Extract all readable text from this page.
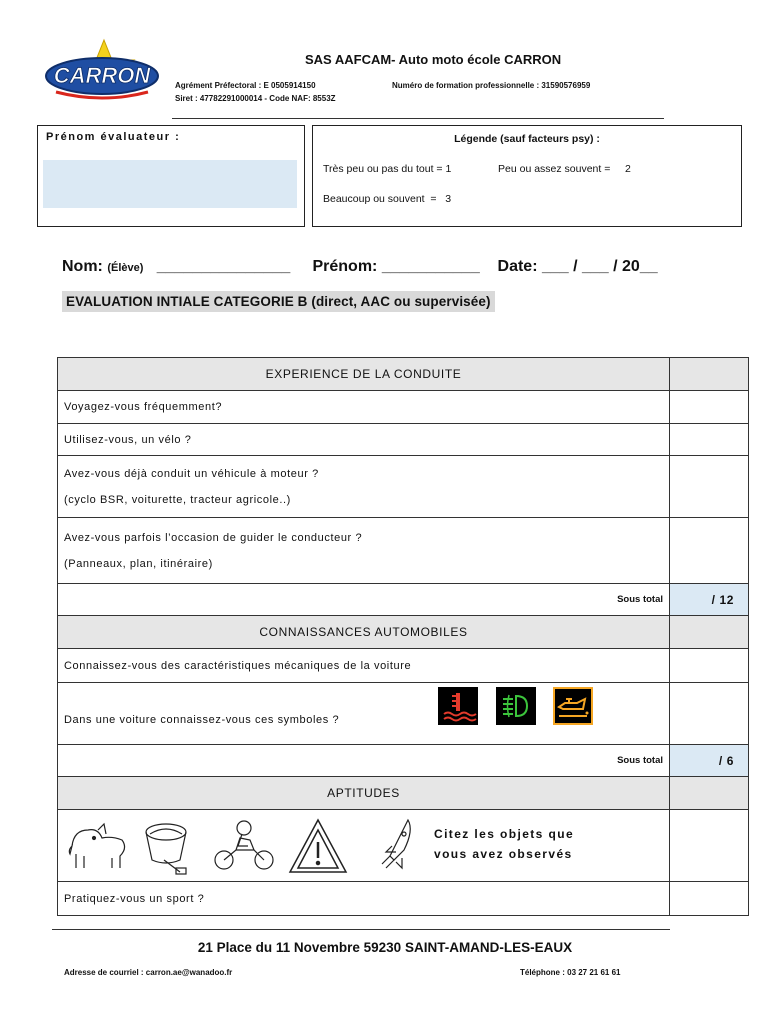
CARRON
SAS AAFCAM- Auto moto école CARRON
Agrément Préfectoral : E 0505914150
Siret : 47782291000014 - Code NAF: 8553Z
Numéro de formation professionnelle : 31590576959
Prénom évaluateur :	Légende (sauf facteurs psy) :
Très peu ou pas du tout = 1	Peu ou assez souvent =     2
Beaucoup ou souvent  =   3
Nom: (Élève) _______________ Prénom: ___________ Date: ___ / ___ / 20__
EVALUATION INTIALE CATEGORIE B (direct, AAC ou supervisée)
EXPERIENCE DE LA CONDUITE	
Voyagez-vous fréquemment?	
Utilisez-vous, un vélo ?	

Avez-vous déjà conduit un véhicule à moteur ?
(cyclo BSR, voiturette, tracteur agricole..)	

Avez-vous parfois l’occasion de guider le conducteur ?
(Panneaux, plan, itinéraire)	

Sous total	/ 12
CONNAISSANCES AUTOMOBILES	
Connaissez-vous des caractéristiques mécaniques de la voiture	

Dans une voiture connaissez-vous ces symboles ?	

Sous total	/ 6
APTITUDES	

Citez les objets que
vous avez observés	

Pratiquez-vous un sport ?	
21 Place du 11 Novembre 59230 SAINT-AMAND-LES-EAUX
Adresse de courriel : carron.ae@wanadoo.fr	Téléphone : 03 27 21 61 61
